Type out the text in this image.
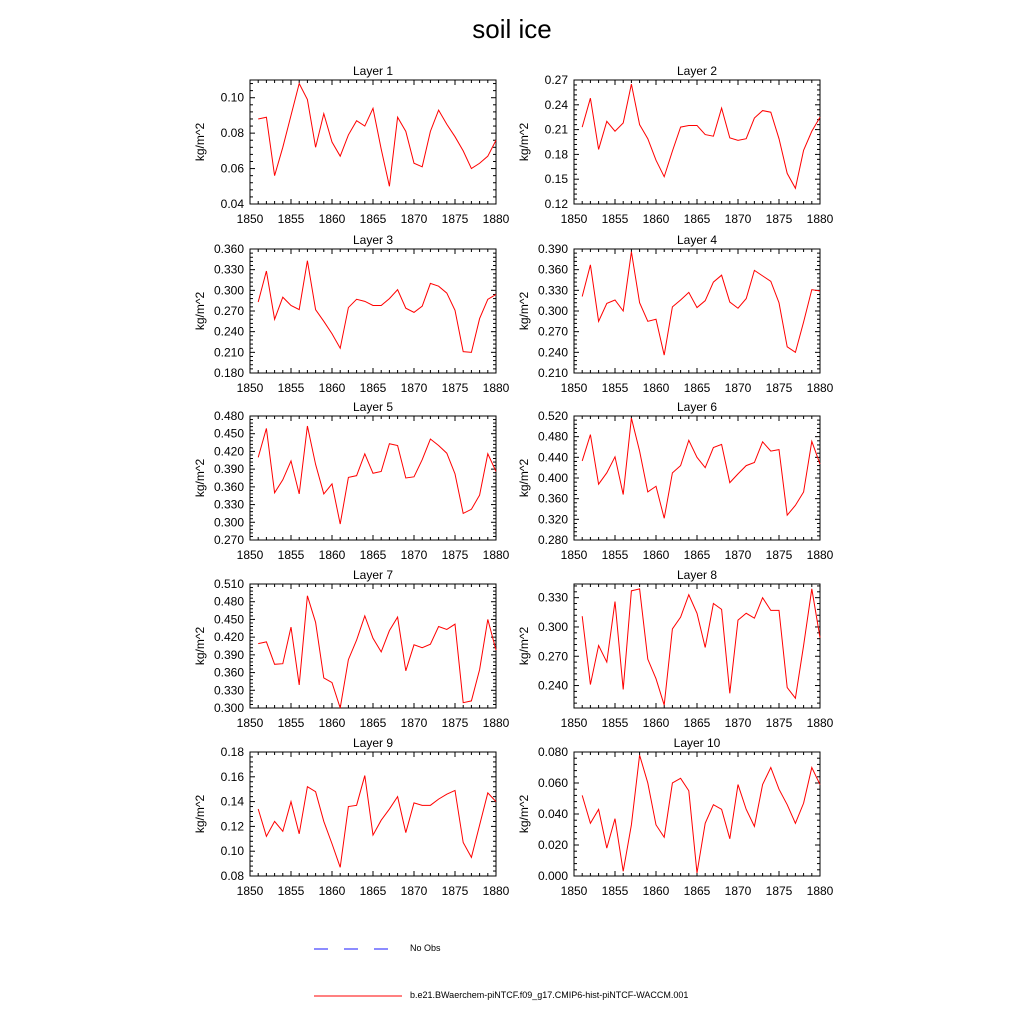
soil ice
Layer 1
1850 1855 1860 1865 1870 1875 1880
0.04
0.06
0.08
0.10
kg/m^2
Layer 2
1850 1855 1860 1865 1870 1875 1880
0.12
0.15
0.18
0.21
0.24
0.27
kg/m^2
Layer 3
1850 1855 1860 1865 1870 1875 1880
0.180
0.210
0.240
0.270
0.300
0.330
0.360
kg/m^2
Layer 4
1850 1855 1860 1865 1870 1875 1880
0.210
0.240
0.270
0.300
0.330
0.360
0.390
kg/m^2
Layer 5
1850 1855 1860 1865 1870 1875 1880
0.270
0.300
0.330
0.360
0.390
0.420
0.450
0.480
kg/m^2
Layer 6
1850 1855 1860 1865 1870 1875 1880
0.280
0.320
0.360
0.400
0.440
0.480
0.520
kg/m^2
Layer 7
1850 1855 1860 1865 1870 1875 1880
0.300
0.330
0.360
0.390
0.420
0.450
0.480
0.510
kg/m^2
Layer 8
1850 1855 1860 1865 1870 1875 1880
0.240
0.270
0.300
0.330
kg/m^2
Layer 9
1850 1855 1860 1865 1870 1875 1880
0.08
0.10
0.12
0.14
0.16
0.18
kg/m^2
Layer 10
1850 1855 1860 1865 1870 1875 1880
0.000
0.020
0.040
0.060
0.080
kg/m^2
No Obs
b.e21.BWaerchem-piNTCF.f09_g17.CMIP6-hist-piNTCF-WACCM.001
